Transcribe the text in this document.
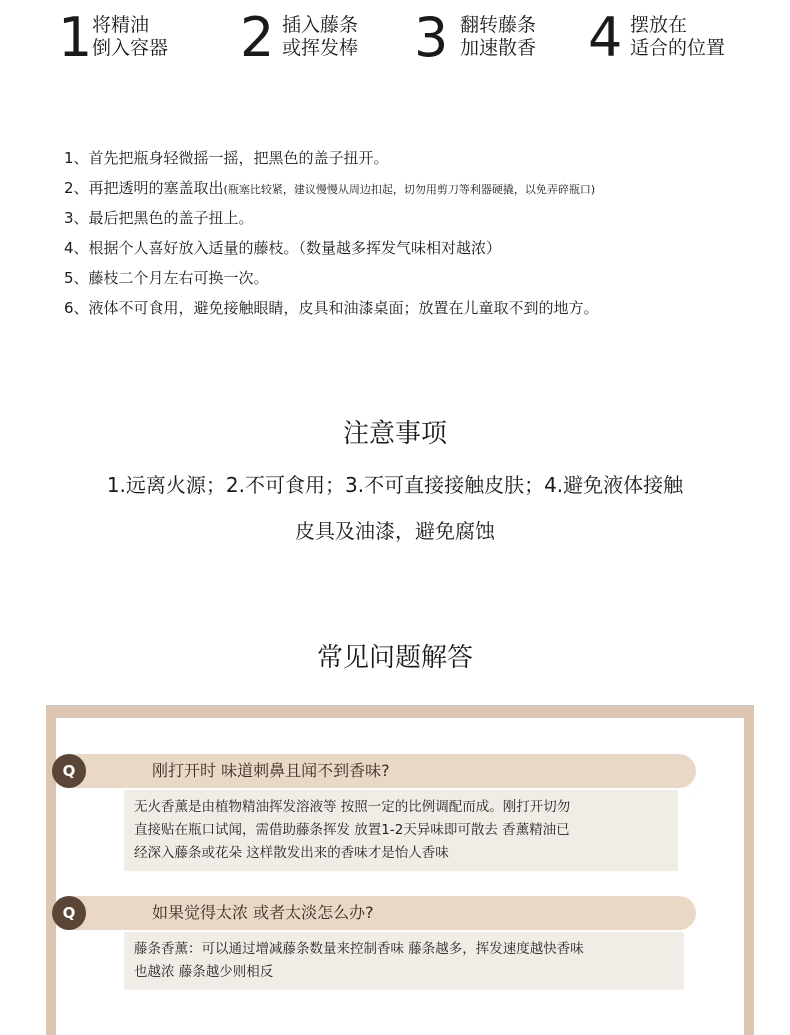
1 将精油
倒入容器 2 插入藤条
或挥发棒 3 翻转藤条
加速散香 4 摆放在
适合的位置
1、首先把瓶身轻微摇一摇，把黑色的盖子扭开。
2、再把透明的塞盖取出(瓶塞比较紧，建议慢慢从周边扣起，切勿用剪刀等利器硬撬，以免弄碎瓶口)
3、最后把黑色的盖子扭上。
4、根据个人喜好放入适量的藤枝。（数量越多挥发气味相对越浓）
5、藤枝二个月左右可换一次。
6、液体不可食用，避免接触眼睛，皮具和油漆桌面；放置在儿童取不到的地方。
注意事项
1.远离火源；2.不可食用；3.不可直接接触皮肤；4.避免液体接触
皮具及油漆，避免腐蚀
常见问题解答
Q	刚打开时 味道刺鼻且闻不到香味?
无火香薰是由植物精油挥发溶液等 按照一定的比例调配而成。刚打开切勿
直接贴在瓶口试闻，需借助藤条挥发 放置1-2天异味即可散去 香薰精油已
经深入藤条或花朵 这样散发出来的香味才是怡人香味
Q	如果觉得太浓 或者太淡怎么办?
藤条香薰：可以通过增减藤条数量来控制香味 藤条越多，挥发速度越快香味
也越浓 藤条越少则相反
